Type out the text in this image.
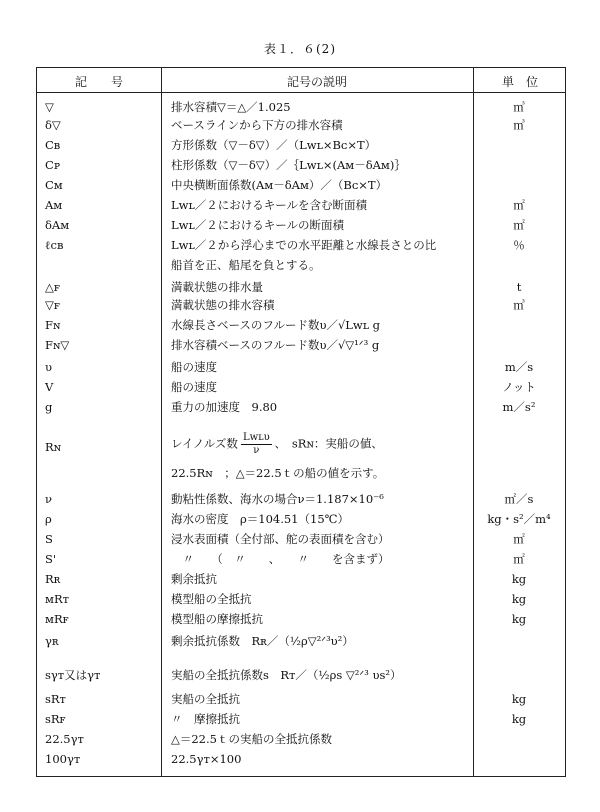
表１．６(2)
記　　号	記号の説明	単　位
▽	排水容積▽＝△／1.025	㎥
δ▽	ベースラインから下方の排水容積	㎥
Cʙ	方形係数（▽－δ▽）／（Lwʟ×Bᴄ×T）
Cᴘ	柱形係数（▽－δ▽）／｛Lwʟ×(Aᴍ－δAᴍ)｝
Cᴍ	中央横断面係数(Aᴍ－δAᴍ）／（Bᴄ×T）
Aᴍ	Lwʟ／２におけるキールを含む断面積	㎡
δAᴍ	Lwʟ／２におけるキールの断面積	㎡
ℓcʙ	Lwʟ／２から浮心までの水平距離と水線長さとの比	％
船首を正、船尾を負とする。
△ꜰ	満載状態の排水量	t
▽ꜰ	満載状態の排水容積	㎥
Fɴ	水線長さベースのフルード数υ／√Lwʟ g
Fɴ▽	排水容積ベースのフルード数υ／√▽¹ᐟ³ g
υ	船の速度	m／s
V	船の速度	ノット
g	重力の加速度　9.80	m／s²
Rɴ	レイノルズ数 $\frac{\text{Lwʟυ}}{\nu}$ 、　sRɴ：実船の値、
22.5Rɴ　；△＝22.5ｔの船の値を示す。
ν	動粘性係数、海水の場合ν＝1.187×10⁻⁶	㎡／s
ρ	海水の密度　ρ＝104.51（15℃）	kg・s²／m⁴
S	浸水表面積（全付部、舵の表面積を含む）	㎡
S'	　〃　　（　〃　　、　　〃　　を含まず）	㎡
Rʀ	剰余抵抗	kg
ᴍRᴛ	模型船の全抵抗	kg
ᴍRꜰ	模型船の摩擦抵抗	kg
γʀ	剰余抵抗係数　Rʀ／（½ρ▽²ᐟ³υ²）
sγᴛ又はγᴛ	実船の全抵抗係数s　Rᴛ／（½ρs ▽²ᐟ³ υs²）
sRᴛ	実船の全抵抗	kg
sRꜰ	〃　摩擦抵抗	kg
22.5γᴛ	△＝22.5ｔの実船の全抵抗係数
100γᴛ	22.5γᴛ×100
